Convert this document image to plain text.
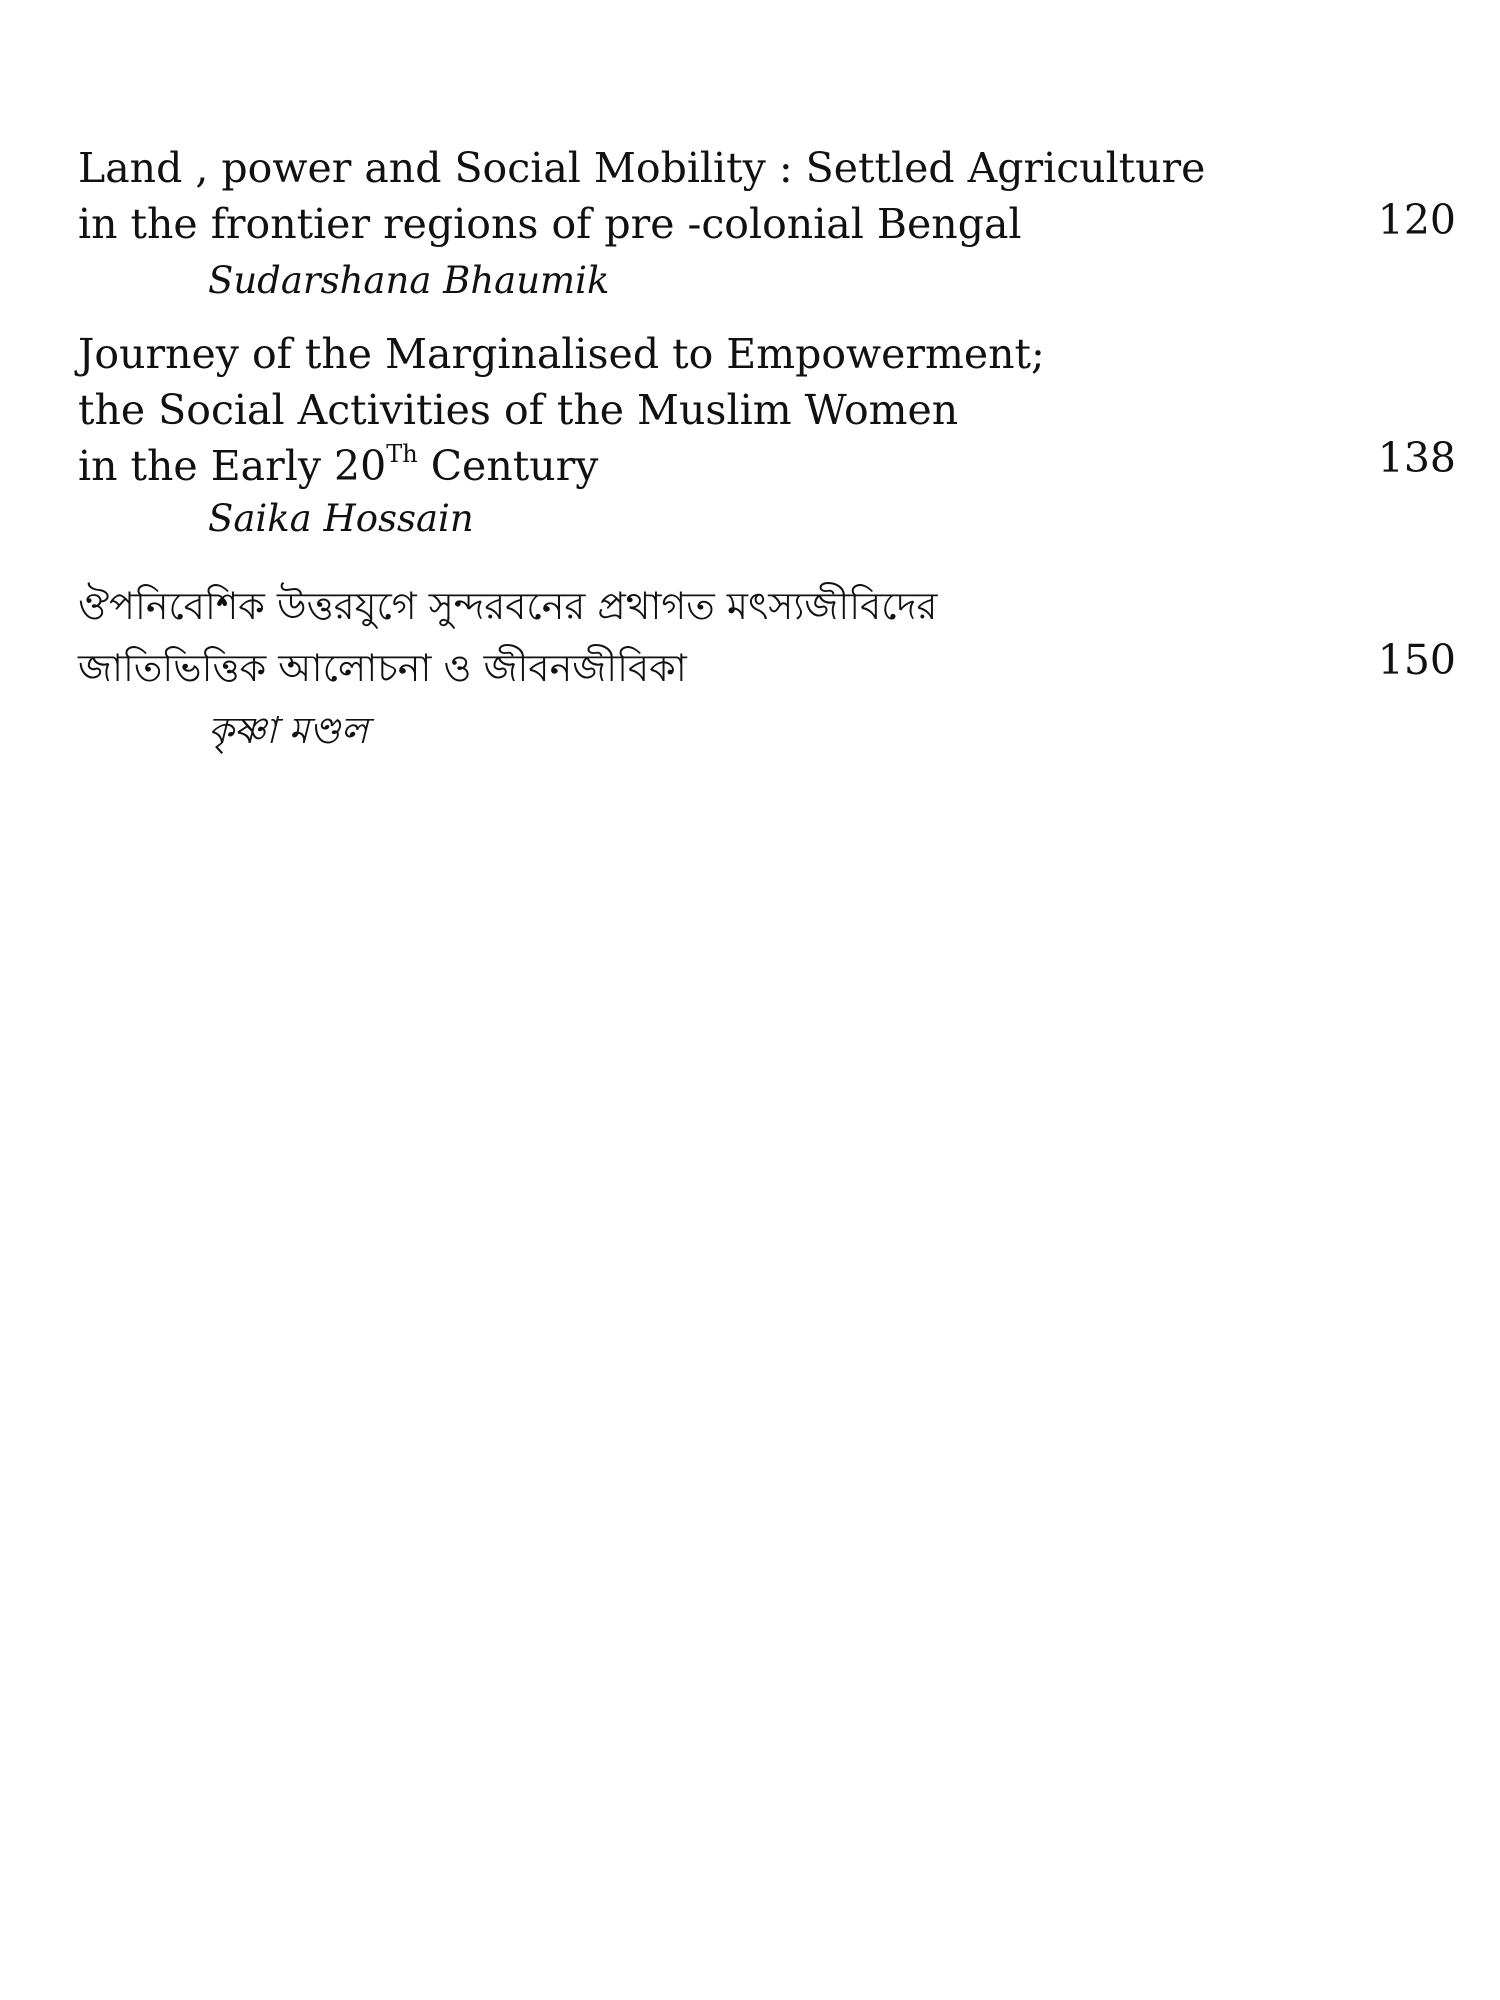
Land , power and Social Mobility : Settled Agriculture
in the frontier regions of pre -colonial Bengal	120
Sudarshana Bhaumik
Journey of the Marginalised to Empowerment;
the Social Activities of the Muslim Women
in the Early 20Th Century	138
Saika Hossain
ঔপনিবেশিক উত্তরযুগে সুন্দরবনের প্রথাগত মৎস্যজীবিদের
জাতিভিত্তিক আলোচনা ও জীবনজীবিকা	150
কৃষ্ণা মণ্ডল
